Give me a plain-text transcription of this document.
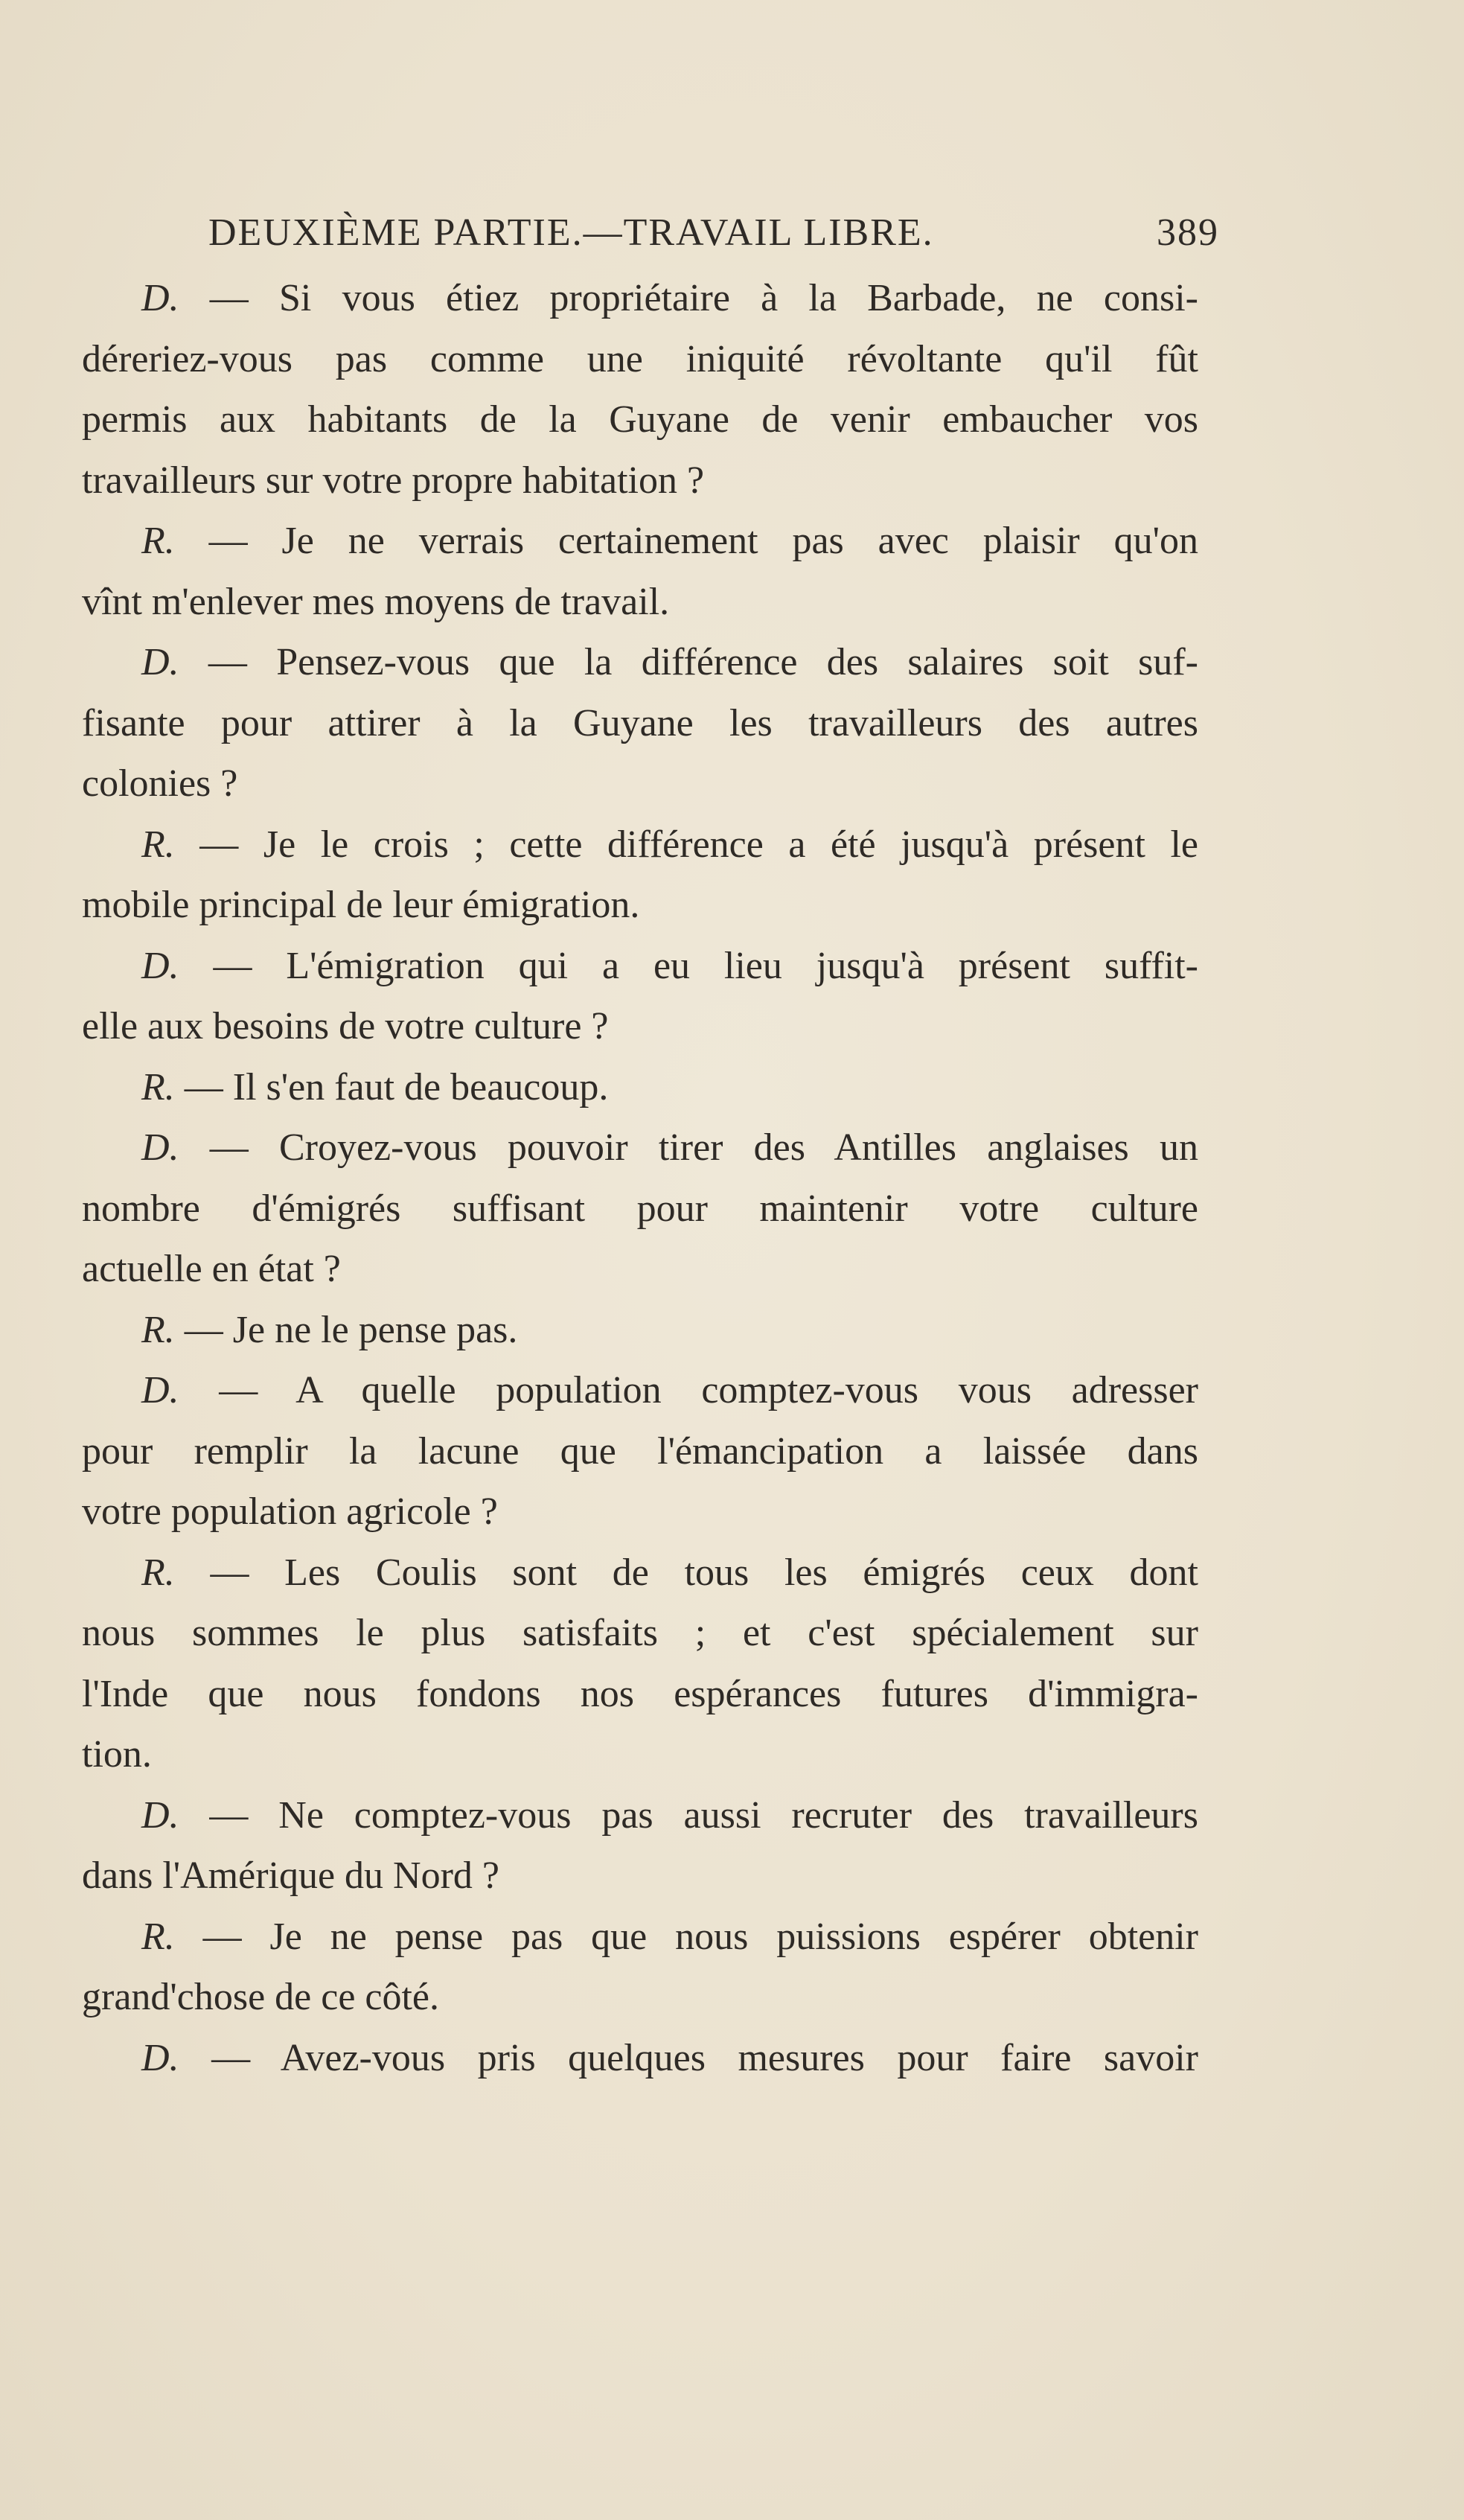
DEUXIÈME PARTIE.—TRAVAIL LIBRE.	389
D. — Si vous étiez propriétaire à la Barbade, ne consi-
déreriez-vous pas comme une iniquité révoltante qu'il fût
permis aux habitants de la Guyane de venir embaucher vos
travailleurs sur votre propre habitation ?
R. — Je ne verrais certainement pas avec plaisir qu'on
vînt m'enlever mes moyens de travail.
D. — Pensez-vous que la différence des salaires soit suf-
fisante pour attirer à la Guyane les travailleurs des autres
colonies ?
R. — Je le crois ; cette différence a été jusqu'à présent le
mobile principal de leur émigration.
D. — L'émigration qui a eu lieu jusqu'à présent suffit-
elle aux besoins de votre culture ?
R. — Il s'en faut de beaucoup.
D. — Croyez-vous pouvoir tirer des Antilles anglaises un
nombre d'émigrés suffisant pour maintenir votre culture
actuelle en état ?
R. — Je ne le pense pas.
D. — A quelle population comptez-vous vous adresser
pour remplir la lacune que l'émancipation a laissée dans
votre population agricole ?
R. — Les Coulis sont de tous les émigrés ceux dont
nous sommes le plus satisfaits ; et c'est spécialement sur
l'Inde que nous fondons nos espérances futures d'immigra-
tion.
D. — Ne comptez-vous pas aussi recruter des travailleurs
dans l'Amérique du Nord ?
R. — Je ne pense pas que nous puissions espérer obtenir
grand'chose de ce côté.
D. — Avez-vous pris quelques mesures pour faire savoir
